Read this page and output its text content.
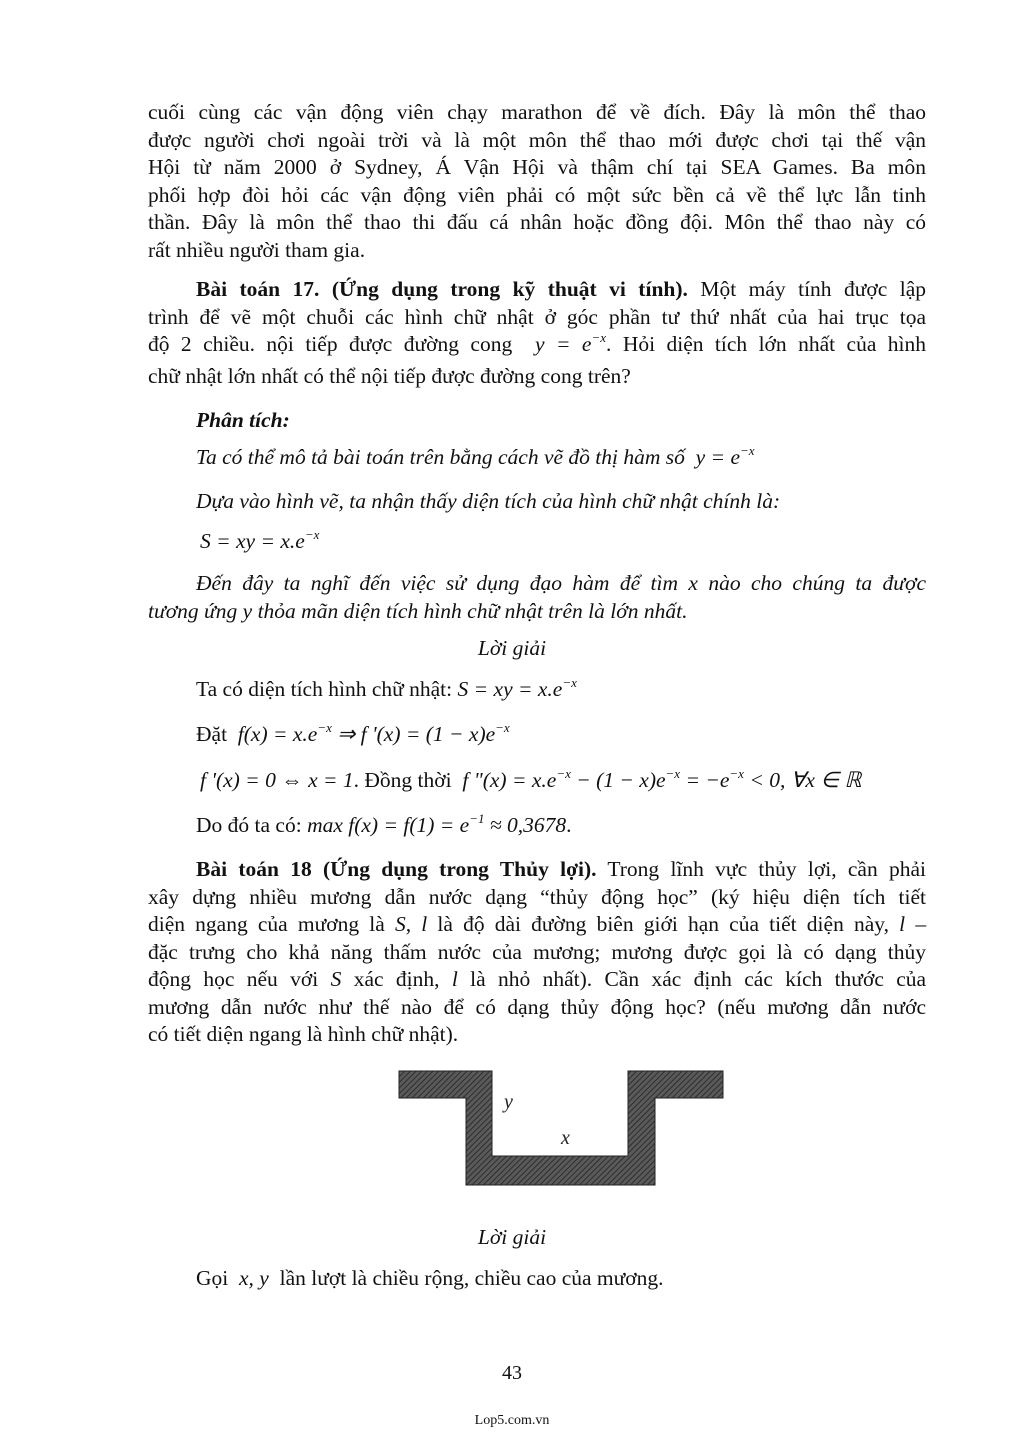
cuối cùng các vận động viên chạy marathon để về đích. Đây là môn thể thao
được người chơi ngoài trời và là một môn thể thao mới được chơi tại thế vận
Hội từ năm 2000 ở Sydney, Á Vận Hội và thậm chí tại SEA Games. Ba môn
phối hợp đòi hỏi các vận động viên phải có một sức bền cả về thể lực lẫn tinh
thần. Đây là môn thể thao thi đấu cá nhân hoặc đồng đội. Môn thể thao này có
rất nhiều người tham gia.
Bài toán 17. (Ứng dụng trong kỹ thuật vi tính). Một máy tính được lập
trình để vẽ một chuỗi các hình chữ nhật ở góc phần tư thứ nhất của hai trục tọa
độ 2 chiều. nội tiếp được đường cong $y = e^{-x}$. Hỏi diện tích lớn nhất của hình
chữ nhật lớn nhất có thể nội tiếp được đường cong trên?
Phân tích:
Ta có thể mô tả bài toán trên bằng cách vẽ đồ thị hàm số $y = e^{-x}$
Dựa vào hình vẽ, ta nhận thấy diện tích của hình chữ nhật chính là:
S = xy = $x.e^{-x}$
Đến đây ta nghĩ đến việc sử dụng đạo hàm để tìm x nào cho chúng ta được
tương ứng y thỏa mãn diện tích hình chữ nhật trên là lớn nhất.
Lời giải
Ta có diện tích hình chữ nhật: S = xy = $x.e^{-x}$
Đặt $f(x) = x.e^{-x}$ ⇒ f '$(x) = (1 - x)e^{-x}$
f '(x) = 0 ⇔ x = 1. Đồng thời f "$(x) = x.e^{-x} - (1 - x)e^{-x} = -e^{-x} < 0$, ∀x ∈ ℝ
Do đó ta có: $\max f(x) = f(1) = e^{-1} \approx 0,3678$.
Bài toán 18 (Ứng dụng trong Thủy lợi). Trong lĩnh vực thủy lợi, cần phải
xây dựng nhiều mương dẫn nước dạng “thủy động học” (ký hiệu diện tích tiết
diện ngang của mương là S, l là độ dài đường biên giới hạn của tiết diện này, l –
đặc trưng cho khả năng thấm nước của mương; mương được gọi là có dạng thủy
động học nếu với S xác định, l là nhỏ nhất). Cần xác định các kích thước của
mương dẫn nước như thế nào để có dạng thủy động học? (nếu mương dẫn nước
có tiết diện ngang là hình chữ nhật).
y
x
Lời giải
Gọi x, y lần lượt là chiều rộng, chiều cao của mương.
43
Lop5.com.vn
